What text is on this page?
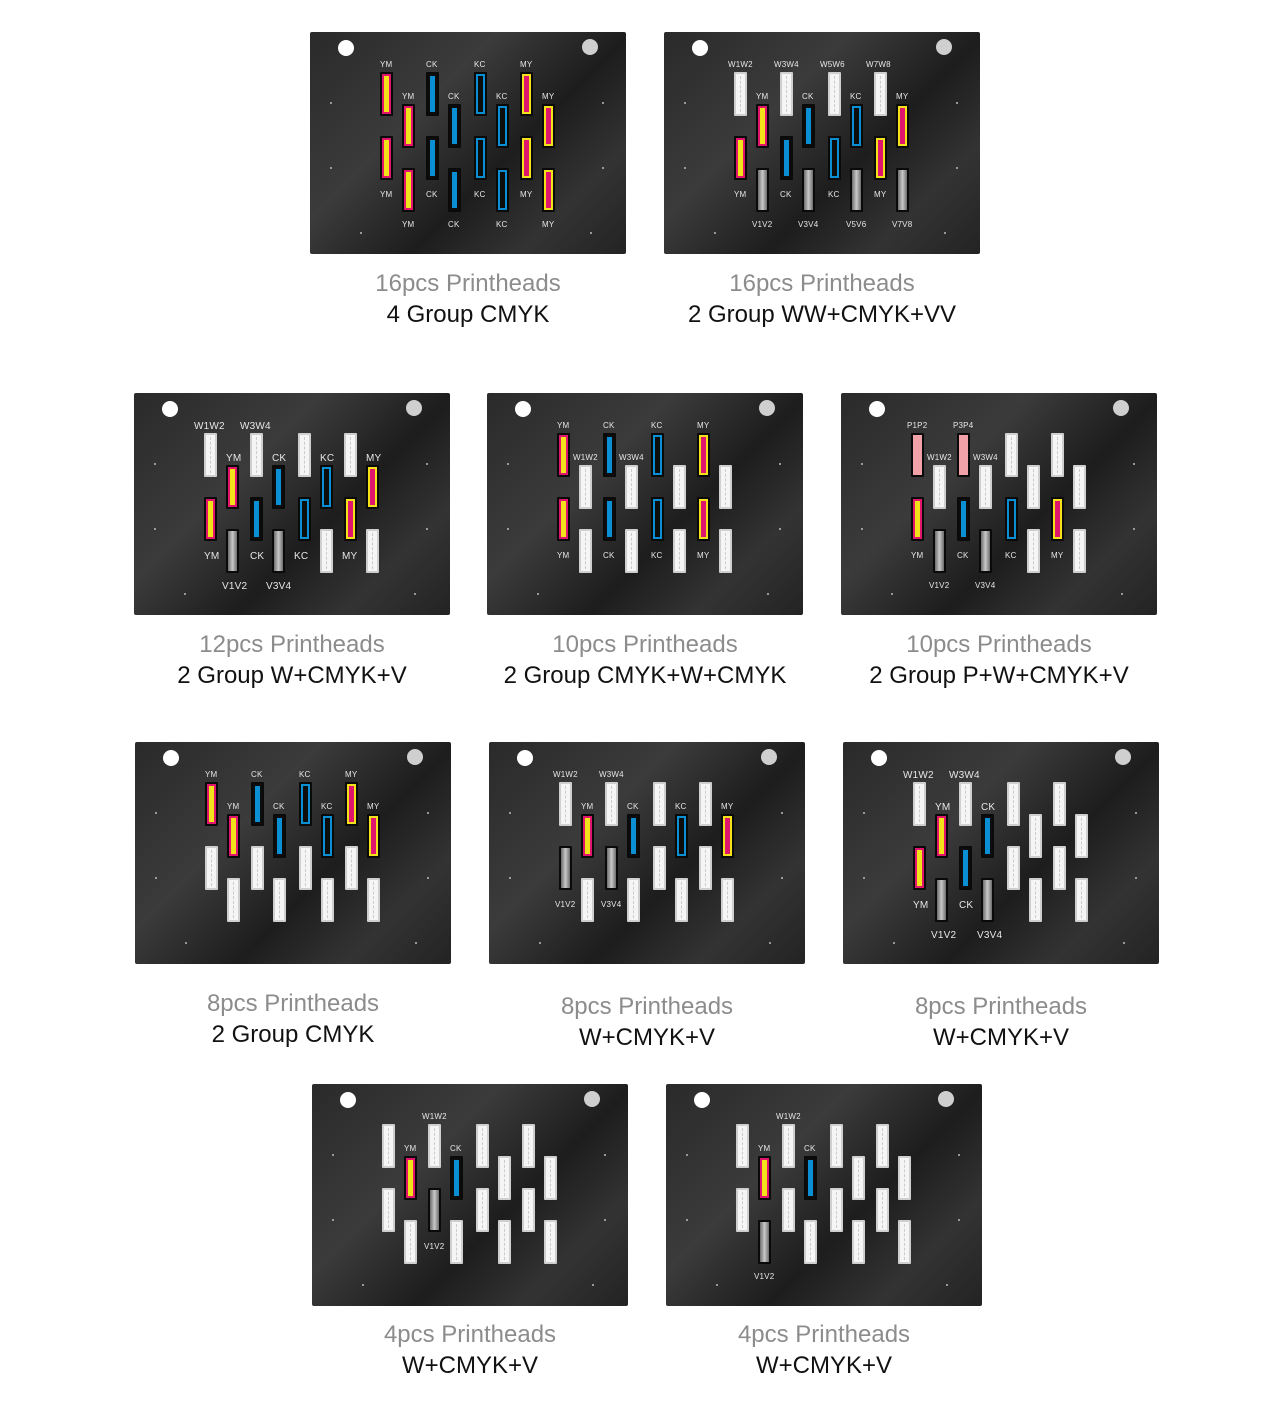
YM
YM
YM
YM
CK
CK
CK
CK
KC
KC
KC
KC
MY
MY
MY
MY
16pcs Printheads
4 Group CMYK
W1W2	W3W4	W5W6	W7W8
YM	CK	KC	MY
YM	CK	KC	MY
V1V2	V3V4	V5V6	V7V8
16pcs Printheads
2 Group WW+CMYK+VV
W1W2 W3W4
YM	CK	KC	MY
YM	CK	KC	MY
V1V2 V3V4
12pcs Printheads
2 Group W+CMYK+V
YM	CK	KC	MY
W1W2	W3W4
YM	CK	KC	MY
10pcs Printheads
2 Group CMYK+W+CMYK
P1P2	P3P4
W1W2	W3W4
YM	CK	KC	MY
V1V2	V3V4
10pcs Printheads
2 Group P+W+CMYK+V
YM	CK	KC	MY
YM	CK	KC	MY
8pcs Printheads
2 Group CMYK
W1W2	W3W4
YM	CK	KC	MY
V1V2	V3V4
8pcs Printheads
W+CMYK+V
W1W2 W3W4
YM	CK
YM	CK
V1V2 V3V4
8pcs Printheads
W+CMYK+V
W1W2
YM	CK
V1V2
4pcs Printheads
W+CMYK+V
W1W2
YM	CK
V1V2
4pcs Printheads
W+CMYK+V
